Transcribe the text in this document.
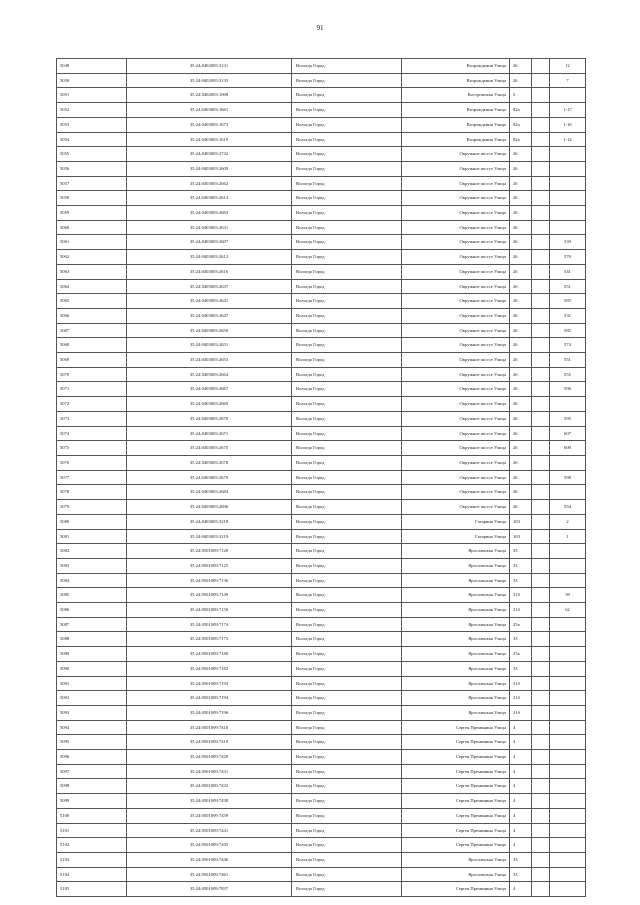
91
5049	35:24:0402005:3131	Вологда Город	Возрождения Улица	26		12
5050	35:24:0402005:3135	Вологда Город	Возрождения Улица	26		7
5051	35:24:0402003:1008	Вологда Город	Костромская Улица	5		
5052	35:24:0403003:1661	Вологда Город	Возрождения Улица	82а		1-17
5053	35:24:0403003:1673	Вологда Город	Возрождения Улица	82а		1-16
5054	35:24:0403003:1619	Вологда Город	Возрождения Улица	82а		1-14
5055	35:24:0403003:2742	Вологда Город	Окружное шоссе Улица	26		
5056	35:24:0403003:2609	Вологда Город	Окружное шоссе Улица	26		
5057	35:24:0403003:2662	Вологда Город	Окружное шоссе Улица	26		
5058	35:24:0403003:2614	Вологда Город	Окружное шоссе Улица	26		
5059	35:24:0403003:2663	Вологда Город	Окружное шоссе Улица	26		
5060	35:24:0403003:2631	Вологда Город	Окружное шоссе Улица	26		
5061	35:24:0403003:2607	Вологда Город	Окружное шоссе Улица	26		539
5062	35:24:0403003:2612	Вологда Город	Окружное шоссе Улица	26		570
5063	35:24:0403003:2616	Вологда Город	Окружное шоссе Улица	26		541
5064	35:24:0403003:2637	Вологда Город	Окружное шоссе Улица	26		551
5065	35:24:0403003:2641	Вологда Город	Окружное шоссе Улица	26		585
5066	35:24:0403003:2647	Вологда Город	Окружное шоссе Улица	26		531
5067	35:24:0403003:2650	Вологда Город	Окружное шоссе Улица	26		585
5068	35:24:0403003:2651	Вологда Город	Окружное шоссе Улица	26		574
5069	35:24:0403003:2653	Вологда Город	Окружное шоссе Улица	26		551
5070	35:24:0403003:2664	Вологда Город	Окружное шоссе Улица	26		555
5071	35:24:0403003:2667	Вологда Город	Окружное шоссе Улица	26		596
5072	35:24:0403003:2669	Вологда Город	Окружное шоссе Улица	26		
5073	35:24:0403003:2670	Вологда Город	Окружное шоссе Улица	26		595
5074	35:24:0403003:2671	Вологда Город	Окружное шоссе Улица	26		607
5075	35:24:0403003:2675	Вологда Город	Окружное шоссе Улица	26		600
5076	35:24:0403003:2678	Вологда Город	Окружное шоссе Улица	26		
5077	35:24:0403003:2679	Вологда Город	Окружное шоссе Улица	26		598
5078	35:24:0403003:2684	Вологда Город	Окружное шоссе Улица	26		
5079	35:24:0403003:2696	Вологда Город	Окружное шоссе Улица	26		554
5080	35:24:0403003:3218	Вологда Город	Гагарина Улица	103		2
5081	35:24:0403003:3219	Вологда Город	Гагарина Улица	103		1
5082	35:24:0501009:7120	Вологда Город	Ярославская Улица	35		
5083	35:24:0501009:7125	Вологда Город	Ярославская Улица	33		
5084	35:24:0501009:7136	Вологда Город	Ярославская Улица	33		
5085	35:24:0501009:7149	Вологда Город	Ярославская Улица	31б		39
5086	35:24:0501009:7150	Вологда Город	Ярославская Улица	31б		62
5087	35:24:0501009:7174	Вологда Город	Ярославская Улица	25а		
5088	35:24:0501009:7175	Вологда Город	Ярославская Улица	33		
5089	35:24:0501009:7180	Вологда Город	Ярославская Улица	25а		
5090	35:24:0501009:7182	Вологда Город	Ярославская Улица	33		
5091	35:24:0501009:7193	Вологда Город	Ярославская Улица	31б		
5092	35:24:0501009:7194	Вологда Город	Ярославская Улица	31б		
5093	35:24:0501009:7196	Вологда Город	Ярославская Улица	31б		
5094	35:24:0501009:7418	Вологда Город	Сергея Преминина Улица	4		
5095	35:24:0501009:7419	Вологда Город	Сергея Преминина Улица	4		
5096	35:24:0501009:7420	Вологда Город	Сергея Преминина Улица	4		
5097	35:24:0501009:7431	Вологда Город	Сергея Преминина Улица	4		
5098	35:24:0501009:7432	Вологда Город	Сергея Преминина Улица	4		
5099	35:24:0501009:7438	Вологда Город	Сергея Преминина Улица	4		
5100	35:24:0501009:7439	Вологда Город	Сергея Преминина Улица	4		
5101	35:24:0501009:7441	Вологда Город	Сергея Преминина Улица	4		
5102	35:24:0501009:7445	Вологда Город	Сергея Преминина Улица	4		
5103	35:24:0501009:7446	Вологда Город	Ярославская Улица	33		
5104	35:24:0501009:7461	Вологда Город	Ярославская Улица	33		
5105	35:24:0501009:7837	Вологда Город	Сергея Преминина Улица	4		
